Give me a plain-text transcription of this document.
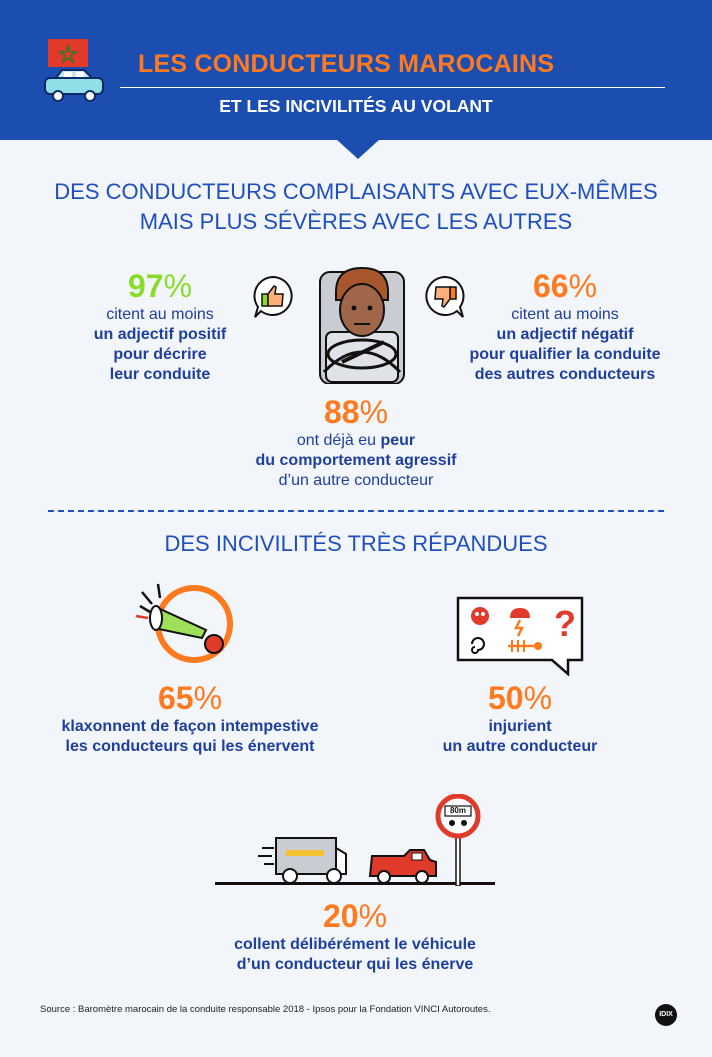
LES CONDUCTEURS MAROCAINS
ET LES INCIVILITÉS AU VOLANT
DES CONDUCTEURS COMPLAISANTS AVEC EUX-MÊMES
MAIS PLUS SÉVÈRES AVEC LES AUTRES
97%
citent au moins
un adjectif positif
pour décrire
leur conduite
66%
citent au moins
un adjectif négatif
pour qualifier la conduite
des autres conducteurs
88%
ont déjà eu peur
du comportement agressif
d’un autre conducteur
DES INCIVILITÉS TRÈS RÉPANDUES
65%
klaxonnent de façon intempestive
les conducteurs qui les énervent
?
50%
injurient
un autre conducteur
80m
20%
collent délibérément le véhicule
d’un conducteur qui les énerve
Source : Baromètre marocain de la conduite responsable 2018 - Ipsos pour la Fondation VINCI Autoroutes.	IDIX
